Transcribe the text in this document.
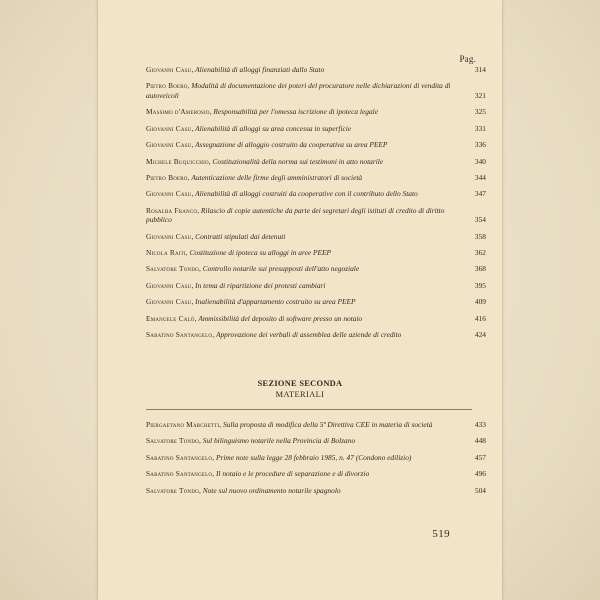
Pag.
Giovanni Casu, Alienabilità di alloggi finanziati dallo Stato	314
Pietro Boero, Modalità di documentazione dei poteri del procuratore nelle dichiarazioni di vendita di autoveicoli	321
Massimo d'Amerosio, Responsabilità per l'omessa iscrizione di ipoteca legale	325
Giovanni Casu, Alienabilità di alloggi su area concessa in superficie	331
Giovanni Casu, Assegnazione di alloggio costruito da cooperativa su area PEEP	336
Michele Buquicchio, Costituzionalità della norma sui testimoni in atto notarile	340
Pietro Boero, Autenticazione delle firme degli amministratori di società	344
Giovanni Casu, Alienabilità di alloggi costruiti da cooperative con il contributo dello Stato	347
Rosalba Franco, Rilascio di copie autentiche da parte dei segretari degli istituti di credito di diritto pubblico	354
Giovanni Casu, Contratti stipulati dai detenuti	358
Nicola Raiti, Costituzione di ipoteca su alloggi in aree PEEP	362
Salvatore Tondo, Controllo notarile sui presupposti dell'atto negoziale	368
Giovanni Casu, In tema di ripartizione dei protesti cambiari	395
Giovanni Casu, Inalienabilità d'appartamento costruito su area PEEP	409
Emanuele Calò, Ammissibilità del deposito di software presso un notaio	416
Sabatino Santangelo, Approvazione dei verbali di assemblea delle aziende di credito	424
SEZIONE SECONDA
MATERIALI
Piergaetano Marchetti, Sulla proposta di modifica della 5ª Direttiva CEE in materia di società	433
Salvatore Tondo, Sul bilinguismo notarile nella Provincia di Bolzano	448
Sabatino Santangelo, Prime note sulla legge 28 febbraio 1985, n. 47 (Condono edilizio)	457
Sabatino Santangelo, Il notaio e le procedure di separazione e di divorzio	496
Salvatore Tondo, Note sul nuovo ordinamento notarile spagnolo	504
519
